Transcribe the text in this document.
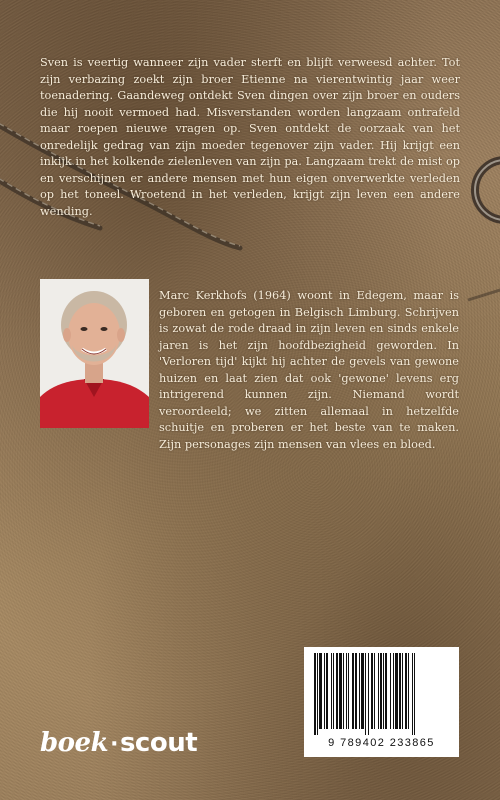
Sven is veertig wanneer zijn vader sterft en blijft verweesd achter. Tot zijn verbazing zoekt zijn broer Etienne na vierentwintig jaar weer toenadering. Gaandeweg ontdekt Sven dingen over zijn broer en ouders die hij nooit vermoed had. Misverstanden worden langzaam ontrafeld maar roepen nieuwe vragen op. Sven ontdekt de oorzaak van het onredelijk gedrag van zijn moeder tegenover zijn vader. Hij krijgt een inkijk in het kolkende zielenleven van zijn pa. Langzaam trekt de mist op en verschijnen er andere mensen met hun eigen onverwerkte verleden op het toneel. Wroetend in het verleden, krijgt zijn leven een andere wending.

Marc Kerkhofs (1964) woont in Edegem, maar is geboren en getogen in Belgisch Limburg. Schrijven is zowat de rode draad in zijn leven en sinds enkele jaren is het zijn hoofdbezigheid geworden. In 'Verloren tijd' kijkt hij achter de gevels van gewone huizen en laat zien dat ook 'gewone' levens erg intrigerend kunnen zijn. Niemand wordt veroordeeld; we zitten allemaal in hetzelfde schuitje en proberen er het beste van te maken. Zijn personages zijn mensen van vlees en bloed.

9 789402 233865
boek·scout
